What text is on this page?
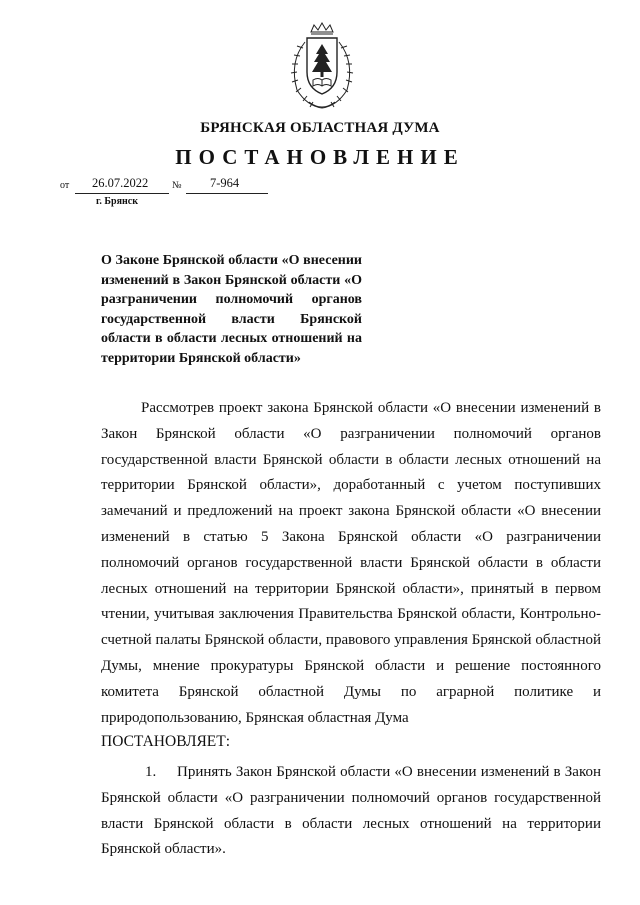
БРЯНСКАЯ ОБЛАСТНАЯ ДУМА
ПОСТАНОВЛЕНИЕ
от 26.07.2022 № 7-964
г. Брянск

О Законе Брянской области «О внесении изменений в Закон Брянской области «О разграничении полномочий органов государственной власти Брянской области в области лесных отношений на территории Брянской области»

Рассмотрев проект закона Брянской области «О внесении изменений в Закон Брянской области «О разграничении полномочий органов государственной власти Брянской области в области лесных отношений на территории Брянской области», доработанный с учетом поступивших замечаний и предложений на проект закона Брянской области «О внесении изменений в статью 5 Закона Брянской области «О разграничении полномочий органов государственной власти Брянской области в области лесных отношений на территории Брянской области», принятый в первом чтении, учитывая заключения Правительства Брянской области, Контрольно-счетной палаты Брянской области, правового управления Брянской областной Думы, мнение прокуратуры Брянской области и решение постоянного комитета Брянской областной Думы по аграрной политике и природопользованию, Брянская областная Дума

ПОСТАНОВЛЯЕТ:

1. Принять Закон Брянской области «О внесении изменений в Закон Брянской области «О разграничении полномочий органов государственной власти Брянской области в области лесных отношений на территории Брянской области».
